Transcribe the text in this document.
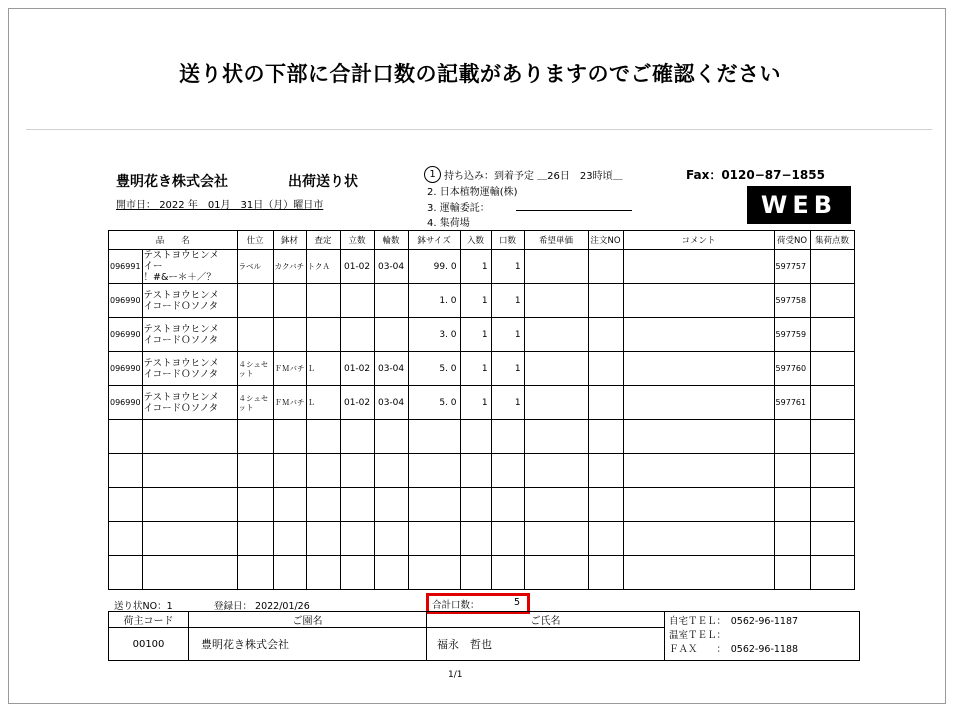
送り状の下部に合計口数の記載がありますのでご確認ください
豊明花き株式会社	出荷送り状
開市日： 2022 年　01月　31日（月）曜日市
1 持ち込み：到着予定 ＿26日　23時頃＿
2. 日本植物運輸(株)
3. 運輸委託：
4. 集荷場
Fax：0120−87−1855
WEB
品　　名		仕立	鉢材	査定	立数	輪数	鉢サイズ	入数	口数	希望単価	注文NO	コメント	荷受NO	集荷点数
096991	テストヨウヒンメ
イー
！#&ー＊＋／？	ラベル	カクバチ	トクＡ	01-02	03-04	99. 0	1	1				597757	
096990	テストヨウヒンメ
イコードＯソノタ						1. 0	1	1				597758	
096990	テストヨウヒンメ
イコードＯソノタ						3. 0	1	1				597759	
096990	テストヨウヒンメ
イコードＯソノタ	４シュセット	ＦＭバチ	Ｌ	01-02	03-04	5. 0	1	1				597760	
096990	テストヨウヒンメ
イコードＯソノタ	４シュセット	ＦＭバチ	Ｌ	01-02	03-04	5. 0	1	1				597761	

送り状NO：1	登録日： 2022/01/26	合計口数：	5
荷主コード	ご園名	ご氏名	自宅ＴＥＬ：　0562-96-1187
温室ＴＥＬ：
ＦＡＸ　　：　0562-96-1188

00100	豊明花き株式会社	福永　哲也	
1/1
